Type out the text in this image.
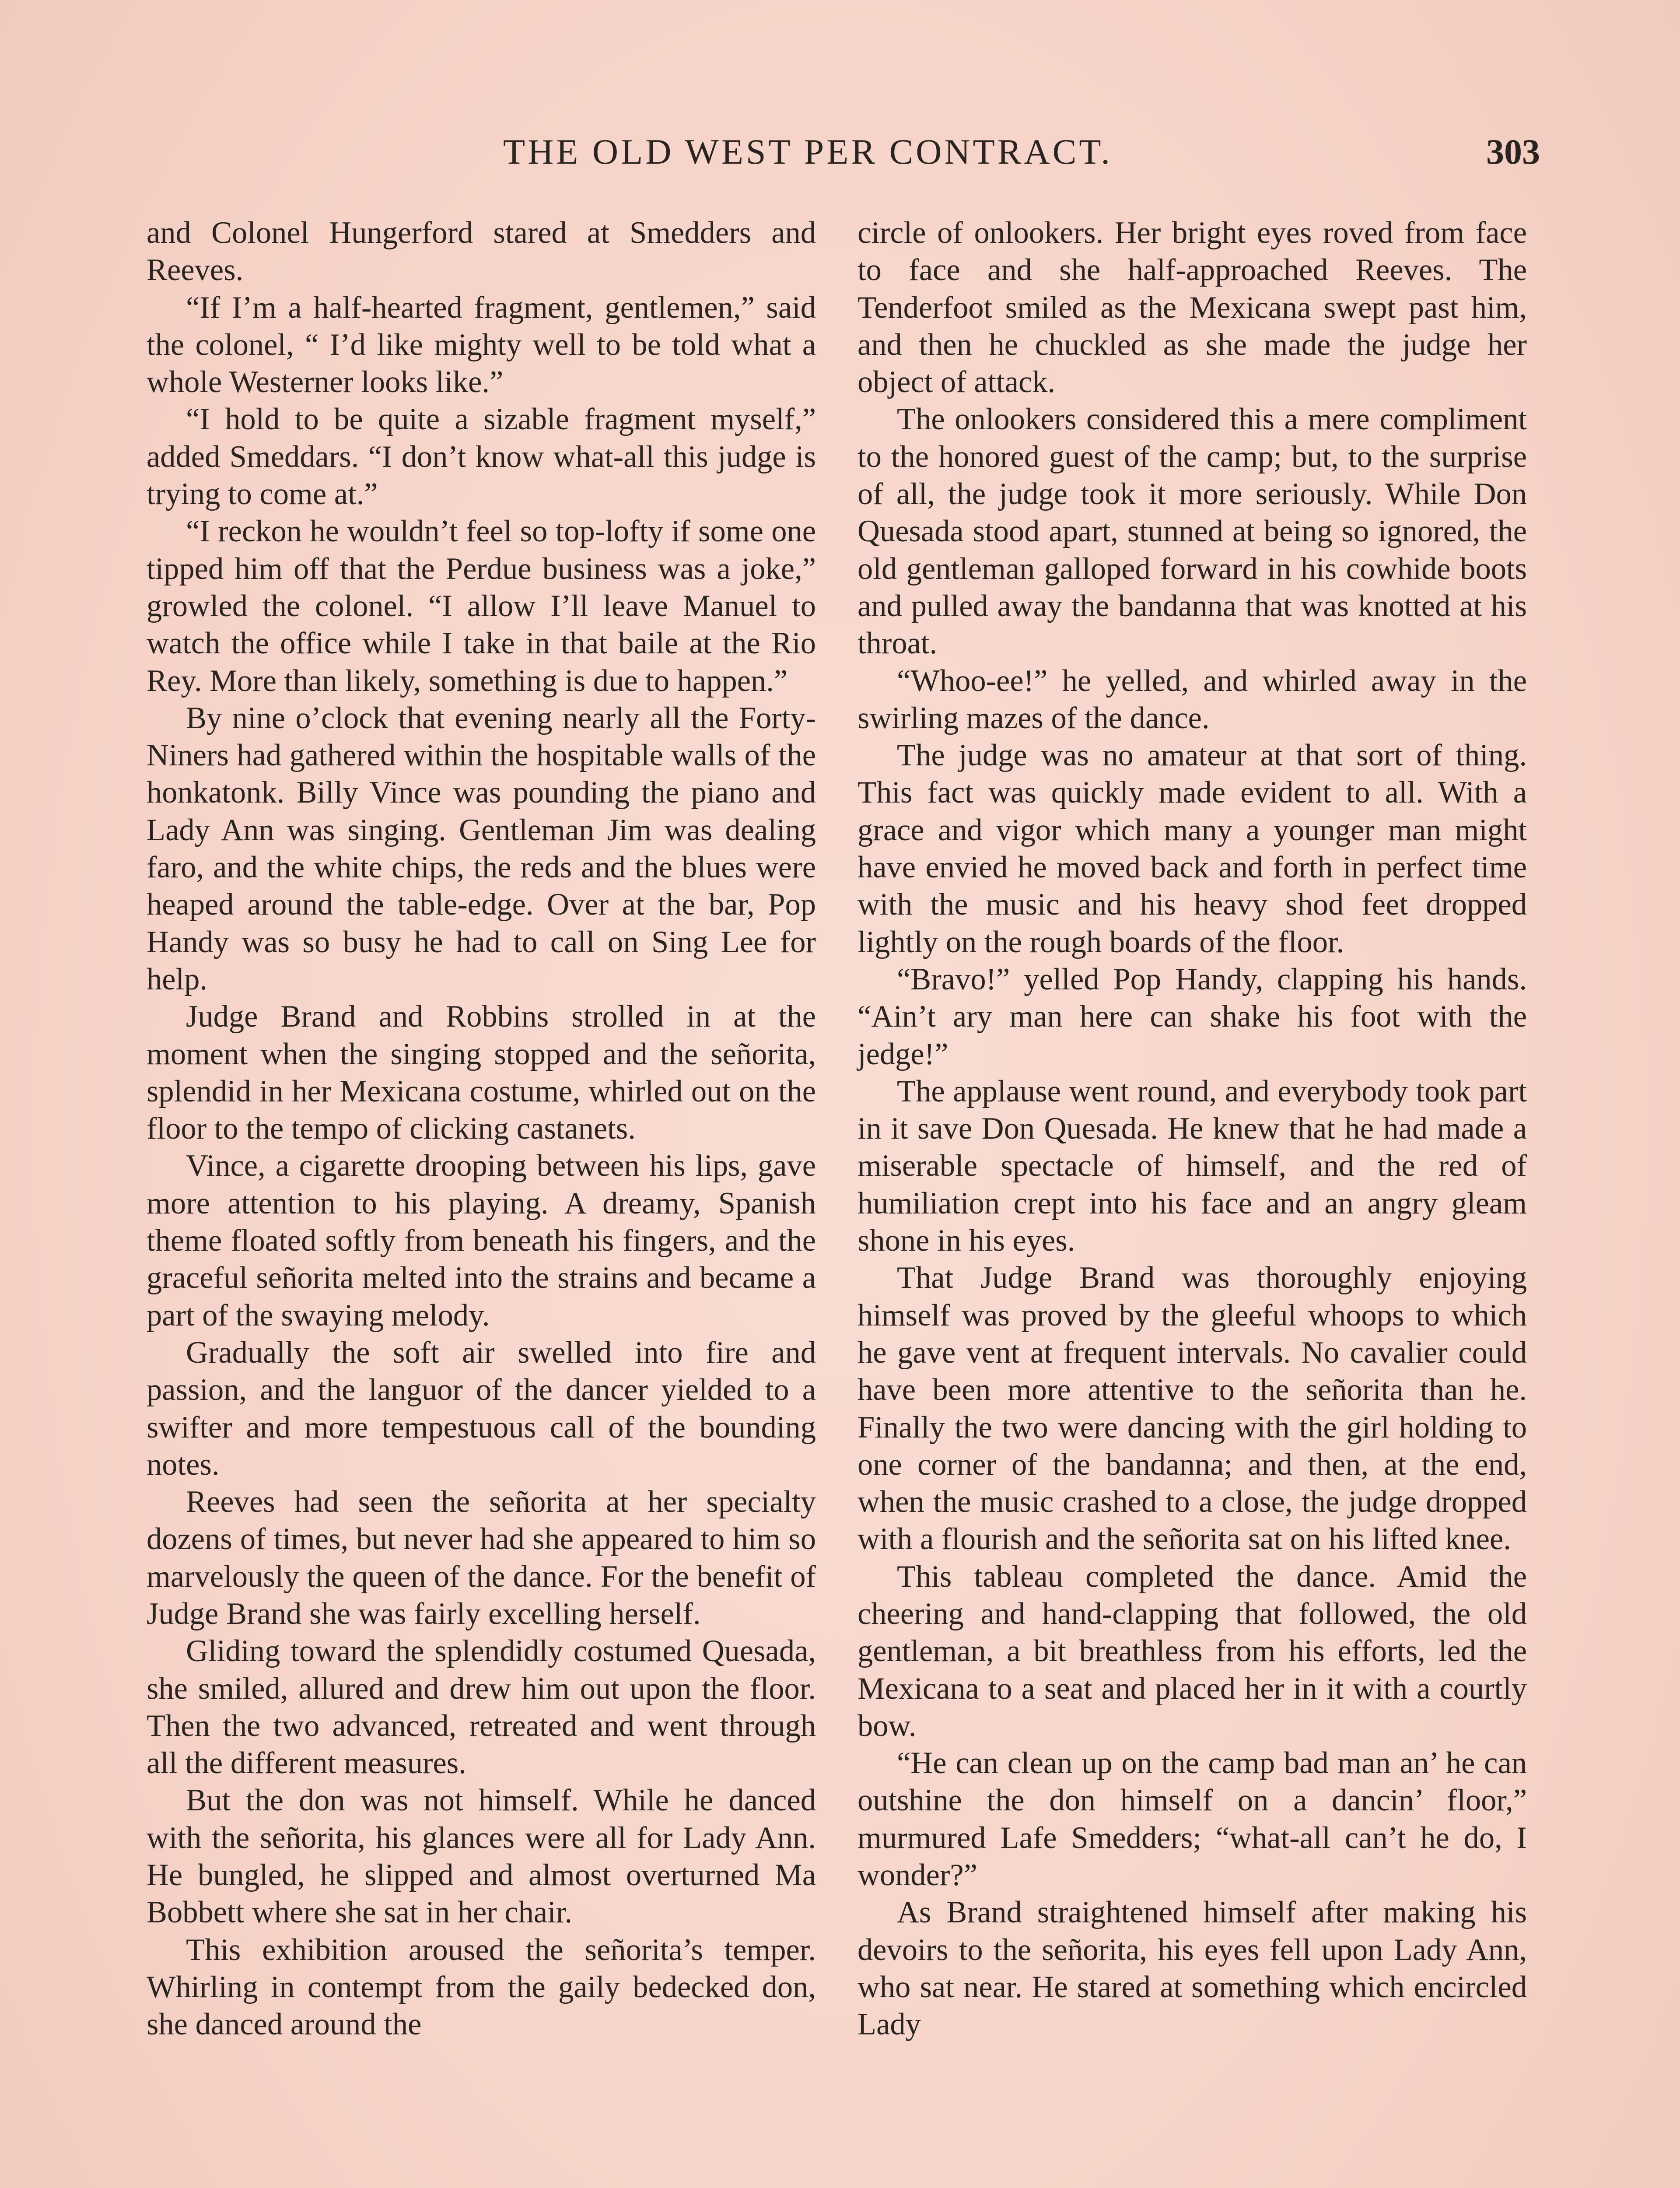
THE OLD WEST PER CONTRACT.	303

and Colonel Hungerford stared at Smedders and Reeves.

“If I’m a half-hearted fragment, gentlemen,” said the colonel, “ I’d like mighty well to be told what a whole Westerner looks like.”

“I hold to be quite a sizable fragment myself,” added Smeddars. “I don’t know what-all this judge is trying to come at.”

“I reckon he wouldn’t feel so top-lofty if some one tipped him off that the Perdue business was a joke,” growled the colonel. “I allow I’ll leave Manuel to watch the office while I take in that baile at the Rio Rey. More than likely, something is due to happen.”

By nine o’clock that evening nearly all the Forty-Niners had gathered within the hospitable walls of the honkatonk. Billy Vince was pounding the piano and Lady Ann was singing. Gentleman Jim was dealing faro, and the white chips, the reds and the blues were heaped around the table-edge. Over at the bar, Pop Handy was so busy he had to call on Sing Lee for help.

Judge Brand and Robbins strolled in at the moment when the singing stopped and the señorita, splendid in her Mexicana costume, whirled out on the floor to the tempo of clicking castanets.

Vince, a cigarette drooping between his lips, gave more attention to his playing. A dreamy, Spanish theme floated softly from beneath his fingers, and the graceful señorita melted into the strains and became a part of the swaying melody.

Gradually the soft air swelled into fire and passion, and the languor of the dancer yielded to a swifter and more tempestuous call of the bounding notes.

Reeves had seen the señorita at her specialty dozens of times, but never had she appeared to him so marvelously the queen of the dance. For the benefit of Judge Brand she was fairly excelling herself.

Gliding toward the splendidly costumed Quesada, she smiled, allured and drew him out upon the floor. Then the two advanced, retreated and went through all the different measures.

But the don was not himself. While he danced with the señorita, his glances were all for Lady Ann. He bungled, he slipped and almost overturned Ma Bobbett where she sat in her chair.

This exhibition aroused the señorita’s temper. Whirling in contempt from the gaily bedecked don, she danced around the

circle of onlookers. Her bright eyes roved from face to face and she half-approached Reeves. The Tenderfoot smiled as the Mexicana swept past him, and then he chuckled as she made the judge her object of attack.

The onlookers considered this a mere compliment to the honored guest of the camp; but, to the surprise of all, the judge took it more seriously. While Don Quesada stood apart, stunned at being so ignored, the old gentleman galloped forward in his cowhide boots and pulled away the bandanna that was knotted at his throat.

“Whoo-ee!” he yelled, and whirled away in the swirling mazes of the dance.

The judge was no amateur at that sort of thing. This fact was quickly made evident to all. With a grace and vigor which many a younger man might have envied he moved back and forth in perfect time with the music and his heavy shod feet dropped lightly on the rough boards of the floor.

“Bravo!” yelled Pop Handy, clapping his hands. “Ain’t ary man here can shake his foot with the jedge!”

The applause went round, and everybody took part in it save Don Quesada. He knew that he had made a miserable spectacle of himself, and the red of humiliation crept into his face and an angry gleam shone in his eyes.

That Judge Brand was thoroughly enjoying himself was proved by the gleeful whoops to which he gave vent at frequent intervals. No cavalier could have been more attentive to the señorita than he. Finally the two were dancing with the girl holding to one corner of the bandanna; and then, at the end, when the music crashed to a close, the judge dropped with a flourish and the señorita sat on his lifted knee.

This tableau completed the dance. Amid the cheering and hand-clapping that followed, the old gentleman, a bit breathless from his efforts, led the Mexicana to a seat and placed her in it with a courtly bow.

“He can clean up on the camp bad man an’ he can outshine the don himself on a dancin’ floor,” murmured Lafe Smedders; “what-all can’t he do, I wonder?”

As Brand straightened himself after making his devoirs to the señorita, his eyes fell upon Lady Ann, who sat near. He stared at something which encircled Lady
